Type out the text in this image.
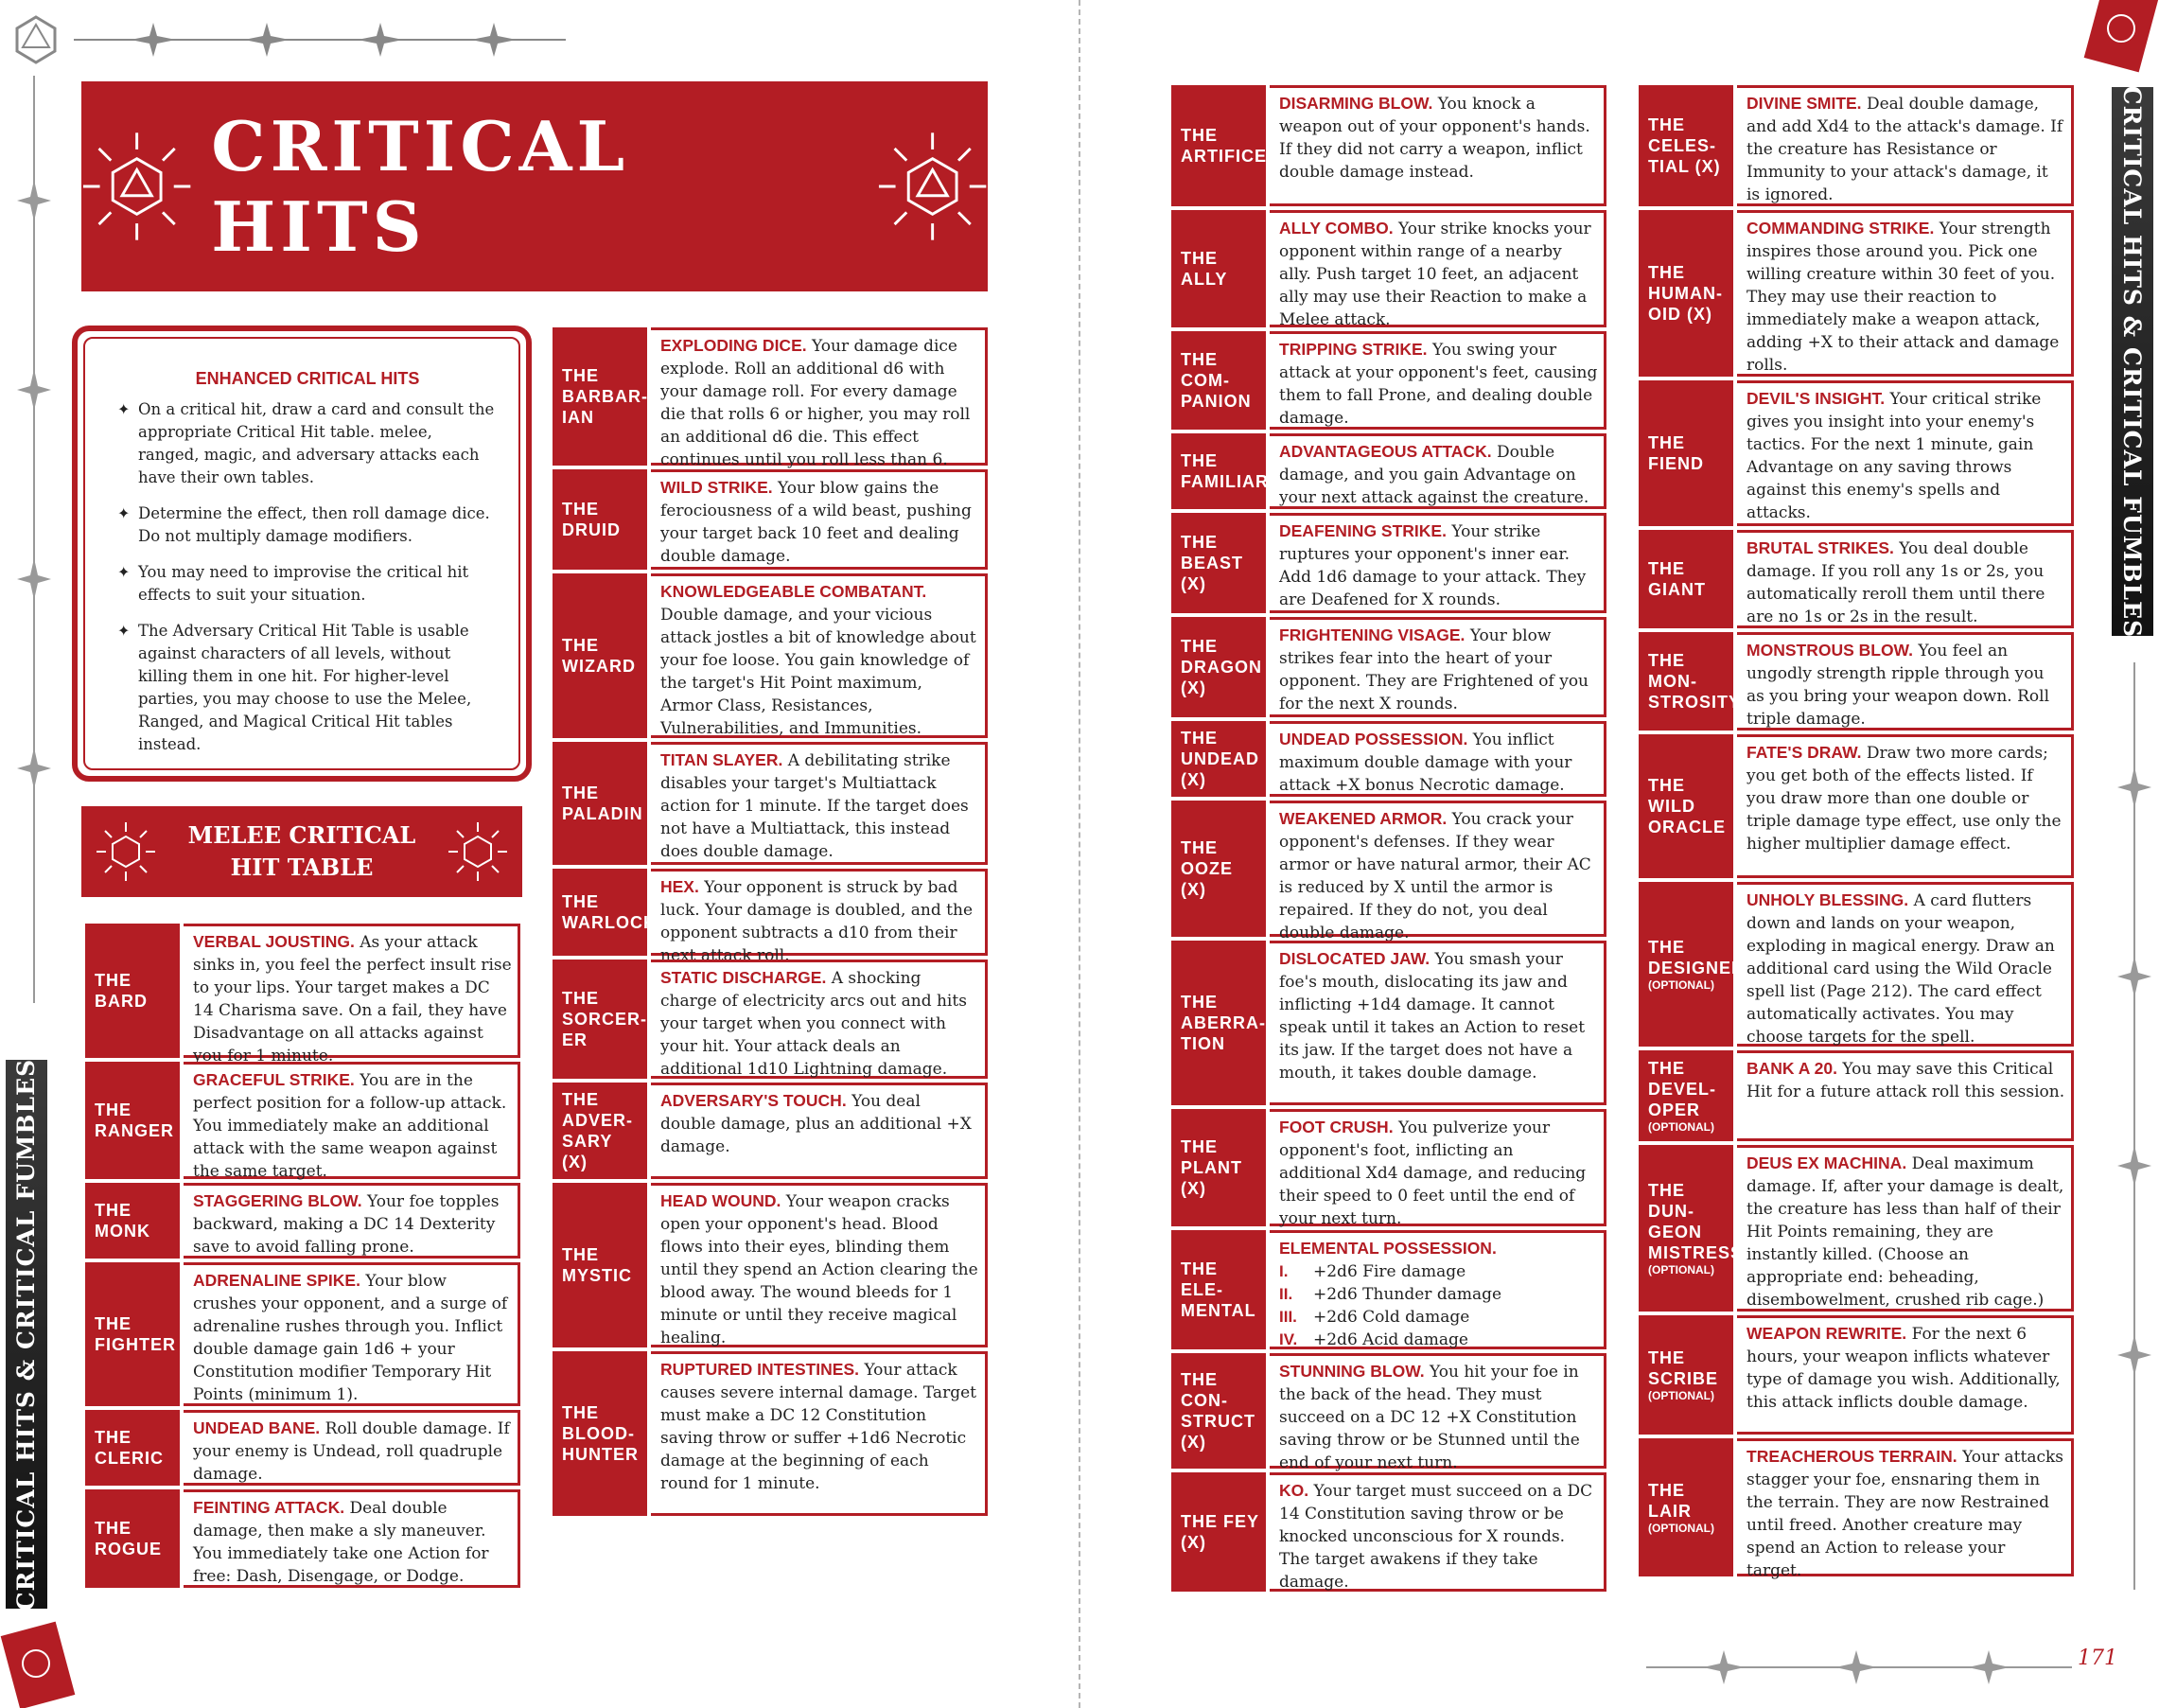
CRITICAL HITS & CRITICAL FUMBLES
CRITICAL HITS & CRITICAL FUMBLES
CRITICAL HITS
ENHANCED CRITICAL HITS
✦ On a critical hit, draw a card and consult the appropriate Critical Hit table. melee, ranged, magic, and adversary attacks each have their own tables.
✦ Determine the effect, then roll damage dice. Do not multiply damage modifiers.
✦ You may need to improvise the critical hit effects to suit your situation.
✦ The Adversary Critical Hit Table is usable against characters of all levels, without killing them in one hit. For higher-level parties, you may choose to use the Melee, Ranged, and Magical Critical Hit tables instead.
MELEE CRITICAL HIT TABLE
THE BARD
VERBAL JOUSTING. As your attack sinks in, you feel the perfect insult rise to your lips. Your target makes a DC 14 Charisma save. On a fail, they have Disadvantage on all attacks against you for 1 minute.
THE RANGER
GRACEFUL STRIKE. You are in the perfect position for a follow-up attack. You immediately make an additional attack with the same weapon against the same target.
THE MONK
STAGGERING BLOW. Your foe topples backward, making a DC 14 Dexterity save to avoid falling prone.
THE FIGHTER
ADRENALINE SPIKE. Your blow crushes your opponent, and a surge of adrenaline rushes through you. Inflict double damage gain 1d6 + your Constitution modifier Temporary Hit Points (minimum 1).
THE CLERIC
UNDEAD BANE. Roll double damage. If your enemy is Undead, roll quadruple damage.
THE ROGUE
FEINTING ATTACK. Deal double damage, then make a sly maneuver. You immediately take one Action for free: Dash, Disengage, or Dodge.
THE BARBAR-IAN
EXPLODING DICE. Your damage dice explode. Roll an additional d6 with your damage roll. For every damage die that rolls 6 or higher, you may roll an additional d6 die. This effect continues until you roll less than 6.
THE DRUID
WILD STRIKE. Your blow gains the ferociousness of a wild beast, pushing your target back 10 feet and dealing double damage.
THE WIZARD
KNOWLEDGEABLE COMBATANT. Double damage, and your vicious attack jostles a bit of knowledge about your foe loose. You gain knowledge of the target's Hit Point maximum, Armor Class, Resistances, Vulnerabilities, and Immunities.
THE PALADIN
TITAN SLAYER. A debilitating strike disables your target's Multiattack action for 1 minute. If the target does not have a Multiattack, this instead does double damage.
THE WARLOCK
HEX. Your opponent is struck by bad luck. Your damage is doubled, and the opponent subtracts a d10 from their next attack roll.
THE SORCER-ER
STATIC DISCHARGE. A shocking charge of electricity arcs out and hits your target when you connect with your hit. Your attack deals an additional 1d10 Lightning damage.
THE ADVER-SARY (X)
ADVERSARY'S TOUCH. You deal double damage, plus an additional +X damage.
THE MYSTIC
HEAD WOUND. Your weapon cracks open your opponent's head. Blood flows into their eyes, blinding them until they spend an Action clearing the blood away. The wound bleeds for 1 minute or until they receive magical healing.
THE BLOOD-HUNTER
RUPTURED INTESTINES. Your attack causes severe internal damage. Target must make a DC 12 Constitution saving throw or suffer +1d6 Necrotic damage at the beginning of each round for 1 minute.
THE ARTIFICER
DISARMING BLOW. You knock a weapon out of your opponent's hands. If they did not carry a weapon, inflict double damage instead.
THE ALLY
ALLY COMBO. Your strike knocks your opponent within range of a nearby ally. Push target 10 feet, an adjacent ally may use their Reaction to make a Melee attack.
THE COM-PANION
TRIPPING STRIKE. You swing your attack at your opponent's feet, causing them to fall Prone, and dealing double damage.
THE FAMILIAR
ADVANTAGEOUS ATTACK. Double damage, and you gain Advantage on your next attack against the creature.
THE BEAST (X)
DEAFENING STRIKE. Your strike ruptures your opponent's inner ear. Add 1d6 damage to your attack. They are Deafened for X rounds.
THE DRAGON (X)
FRIGHTENING VISAGE. Your blow strikes fear into the heart of your opponent. They are Frightened of you for the next X rounds.
THE UNDEAD (X)
UNDEAD POSSESSION. You inflict maximum double damage with your attack +X bonus Necrotic damage.
THE OOZE (X)
WEAKENED ARMOR. You crack your opponent's defenses. If they wear armor or have natural armor, their AC is reduced by X until the armor is repaired. If they do not, you deal double damage.
THE ABERRA-TION
DISLOCATED JAW. You smash your foe's mouth, dislocating its jaw and inflicting +1d4 damage. It cannot speak until it takes an Action to reset its jaw. If the target does not have a mouth, it takes double damage.
THE PLANT (X)
FOOT CRUSH. You pulverize your opponent's foot, inflicting an additional Xd4 damage, and reducing their speed to 0 feet until the end of your next turn.
THE ELE-MENTAL
ELEMENTAL POSSESSION.
I. +2d6 Fire damage
II. +2d6 Thunder damage
III. +2d6 Cold damage
IV. +2d6 Acid damage
THE CON-STRUCT (X)
STUNNING BLOW. You hit your foe in the back of the head. They must succeed on a DC 12 +X Constitution saving throw or be Stunned until the end of your next turn.
THE FEY (X)
KO. Your target must succeed on a DC 14 Constitution saving throw or be knocked unconscious for X rounds. The target awakens if they take damage.
THE CELES-TIAL (X)
DIVINE SMITE. Deal double damage, and add Xd4 to the attack's damage. If the creature has Resistance or Immunity to your attack's damage, it is ignored.
THE HUMAN-OID (X)
COMMANDING STRIKE. Your strength inspires those around you. Pick one willing creature within 30 feet of you. They may use their reaction to immediately make a weapon attack, adding +X to their attack and damage rolls.
THE FIEND
DEVIL'S INSIGHT. Your critical strike gives you insight into your enemy's tactics. For the next 1 minute, gain Advantage on any saving throws against this enemy's spells and attacks.
THE GIANT
BRUTAL STRIKES. You deal double damage. If you roll any 1s or 2s, you automatically reroll them until there are no 1s or 2s in the result.
THE MON-STROSITY
MONSTROUS BLOW. You feel an ungodly strength ripple through you as you bring your weapon down. Roll triple damage.
THE WILD ORACLE
FATE'S DRAW. Draw two more cards; you get both of the effects listed. If you draw more than one double or triple damage type effect, use only the higher multiplier damage effect.
THE DESIGNER
(OPTIONAL)
UNHOLY BLESSING. A card flutters down and lands on your weapon, exploding in magical energy. Draw an additional card using the Wild Oracle spell list (Page 212). The card effect automatically activates. You may choose targets for the spell.
THE DEVEL-OPER
(OPTIONAL)
BANK A 20. You may save this Critical Hit for a future attack roll this session.
THE DUN-GEON MISTRESS
(OPTIONAL)
DEUS EX MACHINA. Deal maximum damage. If, after your damage is dealt, the creature has less than half of their Hit Points remaining, they are instantly killed. (Choose an appropriate end: beheading, disembowelment, crushed rib cage.)
THE SCRIBE
(OPTIONAL)
WEAPON REWRITE. For the next 6 hours, your weapon inflicts whatever type of damage you wish. Additionally, this attack inflicts double damage.
THE LAIR
(OPTIONAL)
TREACHEROUS TERRAIN. Your attacks stagger your foe, ensnaring them in the terrain. They are now Restrained until freed. Another creature may spend an Action to release your target.
171
